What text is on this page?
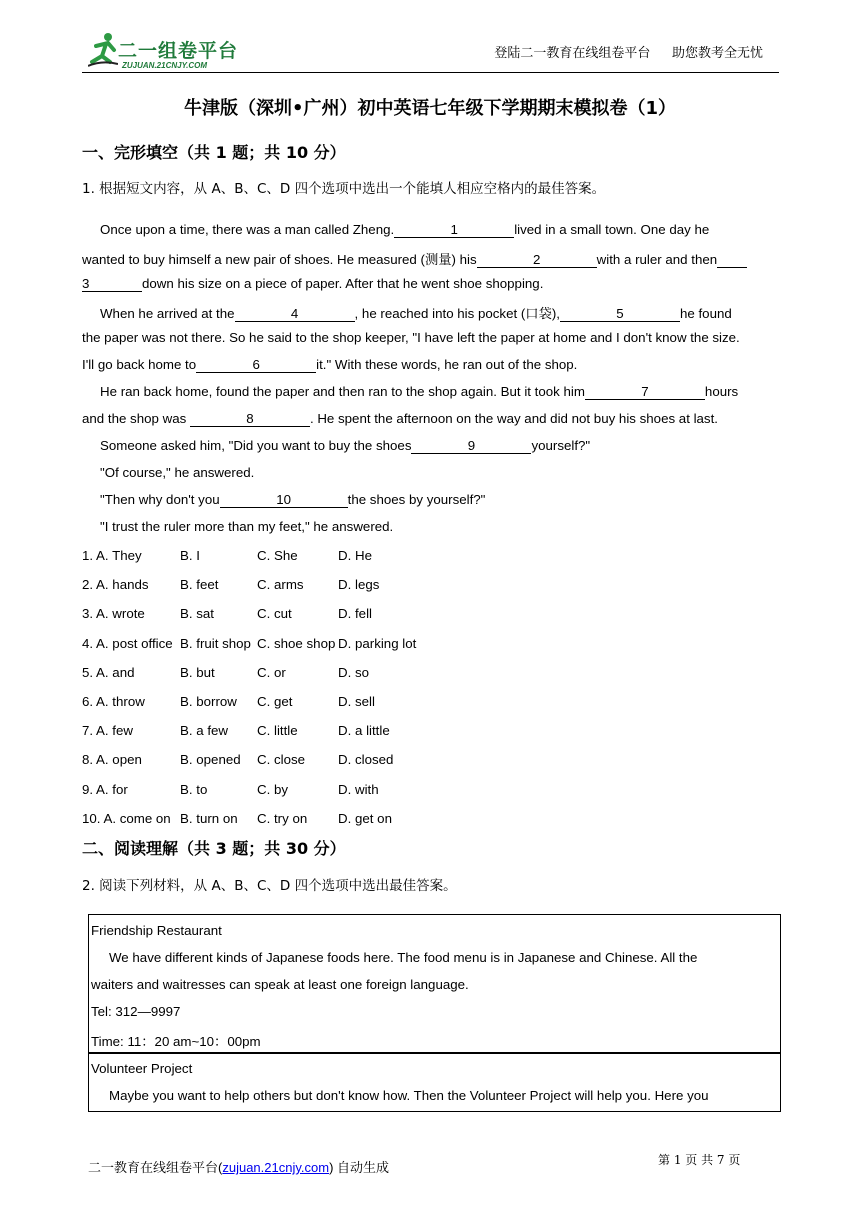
二一组卷平台
ZUJUAN.21CNJY.COM
登陆二一教育在线组卷平台 助您教考全无忧
牛津版（深圳•广州）初中英语七年级下学期期末模拟卷（1）
一、完形填空（共 1 题；共 10 分）
1. 根据短文内容，从 A、B、C、D 四个选项中选出一个能填人相应空格内的最佳答案。
Once upon a time, there was a man called Zheng.	1	lived in a small town. One day he
wanted to buy himself a new pair of shoes. He measured (测量) his	2	with a ruler and then
3	down his size on a piece of paper. After that he went shoe shopping.
When he arrived at the	4	, he reached into his pocket (口袋),	5	he found
the paper was not there. So he said to the shop keeper, "I have left the paper at home and I don't know the size.
I'll go back home to	6	it." With these words, he ran out of the shop.
He ran back home, found the paper and then ran to the shop again. But it took him	7	hours
and the shop was	8	. He spent the afternoon on the way and did not buy his shoes at last.
Someone asked him, "Did you want to buy the shoes	9	yourself?"
"Of course," he answered.
"Then why don't you	10	the shoes by yourself?"
"I trust the ruler more than my feet," he answered.
1. A. They	B. I	C. She	D. He
2. A. hands B. feet	C. arms	D. legs
3. A. wrote	B. sat	C. cut	D. fell
4. A. post office B. fruit shop C. shoe shop D. parking lot
5. A. and	B. but	C. or	D. so
6. A. throw	B. borrow C. get	D. sell
7. A. few	B. a few C. little	D. a little
8. A. open	B. opened C. close D. closed
9. A. for	B. to	C. by	D. with
10. A. come on B. turn on C. try on D. get on
二、阅读理解（共 3 题；共 30 分）
2. 阅读下列材料，从 A、B、C、D 四个选项中选出最佳答案。
Friendship Restaurant
We have different kinds of Japanese foods here. The food menu is in Japanese and Chinese. All the
waiters and waitresses can speak at least one foreign language.
Tel: 312—9997
Time: 11：20 am~10：00pm
Volunteer Project
Maybe you want to help others but don't know how. Then the Volunteer Project will help you. Here you
二一教育在线组卷平台(zujuan.21cnjy.com) 自动生成	第 1 页 共 7 页
